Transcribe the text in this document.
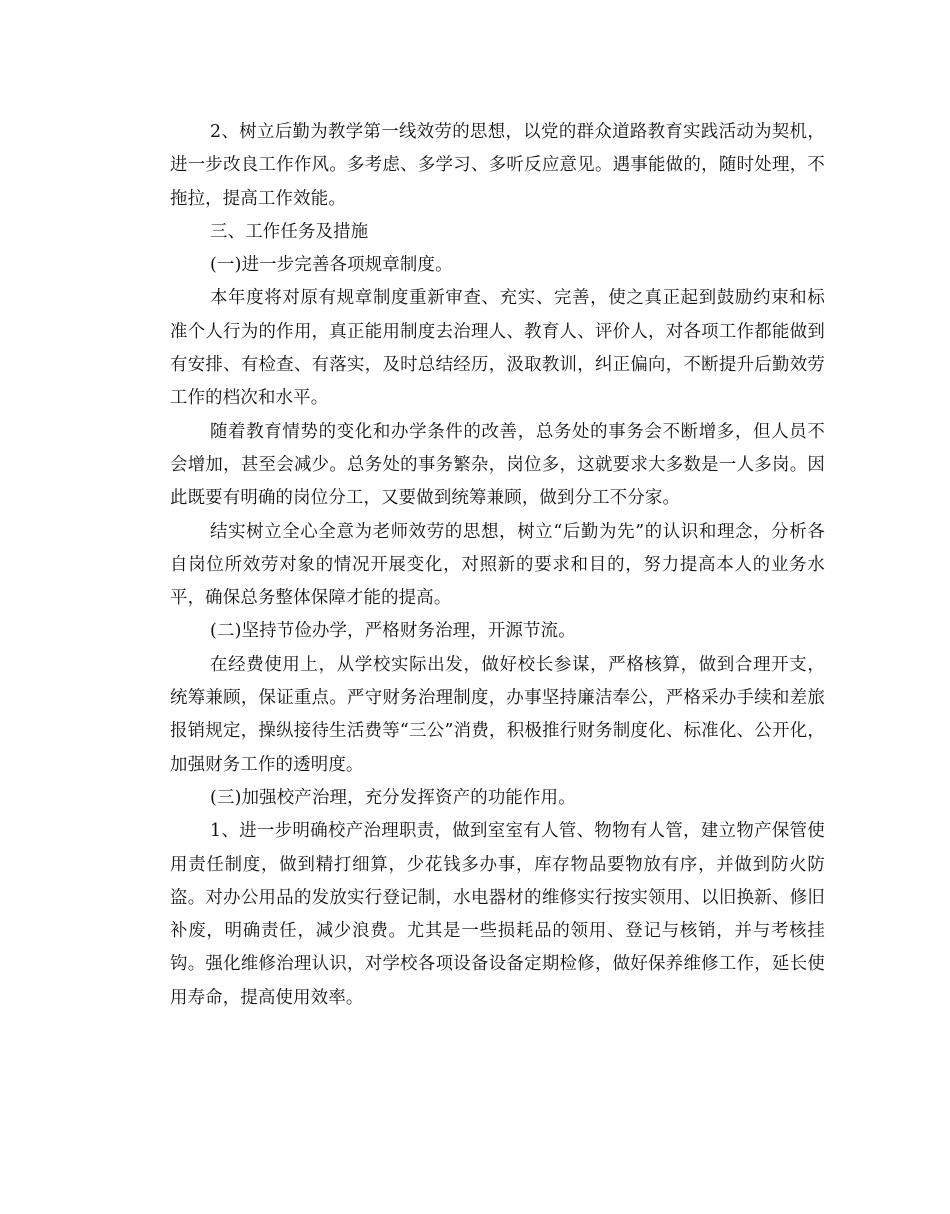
2、树立后勤为教学第一线效劳的思想，以党的群众道路教育实践活动为契机，进一步改良工作作风。多考虑、多学习、多听反应意见。遇事能做的，随时处理，不拖拉，提高工作效能。

三、工作任务及措施

(一)进一步完善各项规章制度。

本年度将对原有规章制度重新审查、充实、完善，使之真正起到鼓励约束和标准个人行为的作用，真正能用制度去治理人、教育人、评价人，对各项工作都能做到有安排、有检查、有落实，及时总结经历，汲取教训，纠正偏向，不断提升后勤效劳工作的档次和水平。

随着教育情势的变化和办学条件的改善，总务处的事务会不断增多，但人员不会增加，甚至会减少。总务处的事务繁杂，岗位多，这就要求大多数是一人多岗。因此既要有明确的岗位分工，又要做到统筹兼顾，做到分工不分家。

结实树立全心全意为老师效劳的思想，树立“后勤为先”的认识和理念，分析各自岗位所效劳对象的情况开展变化，对照新的要求和目的，努力提高本人的业务水平，确保总务整体保障才能的提高。

(二)坚持节俭办学，严格财务治理，开源节流。

在经费使用上，从学校实际出发，做好校长参谋，严格核算，做到合理开支，统筹兼顾，保证重点。严守财务治理制度，办事坚持廉洁奉公，严格采办手续和差旅报销规定，操纵接待生活费等“三公”消费，积极推行财务制度化、标准化、公开化，加强财务工作的透明度。

(三)加强校产治理，充分发挥资产的功能作用。

1、进一步明确校产治理职责，做到室室有人管、物物有人管，建立物产保管使用责任制度，做到精打细算，少花钱多办事，库存物品要物放有序，并做到防火防盗。对办公用品的发放实行登记制，水电器材的维修实行按实领用、以旧换新、修旧补废，明确责任，减少浪费。尤其是一些损耗品的领用、登记与核销，并与考核挂钩。强化维修治理认识，对学校各项设备设备定期检修，做好保养维修工作，延长使用寿命，提高使用效率。
